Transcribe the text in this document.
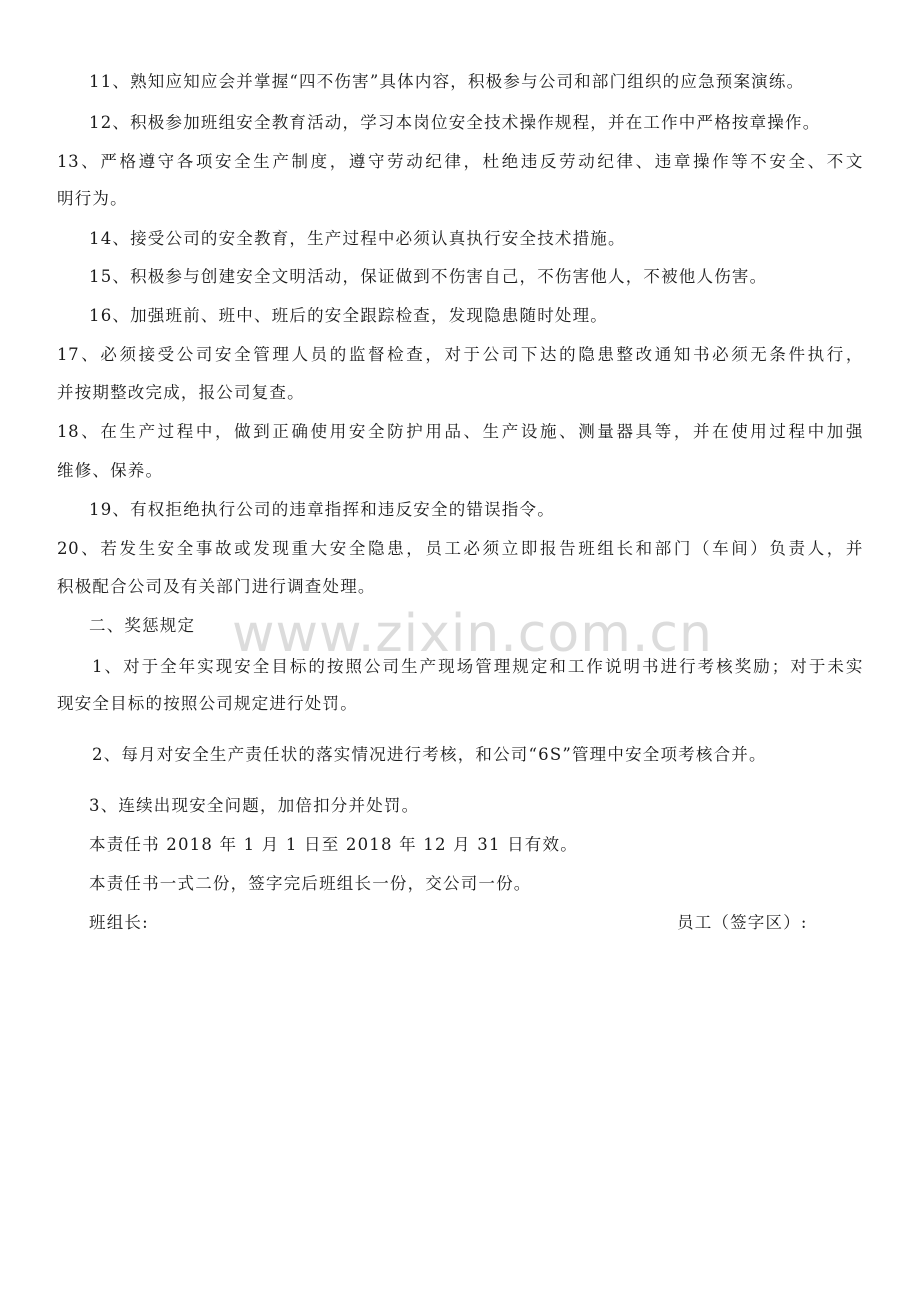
11、熟知应知应会并掌握“四不伤害”具体内容，积极参与公司和部门组织的应急预案演练。
12、积极参加班组安全教育活动，学习本岗位安全技术操作规程，并在工作中严格按章操作。
13、严格遵守各项安全生产制度，遵守劳动纪律，杜绝违反劳动纪律、违章操作等不安全、不文
明行为。
14、接受公司的安全教育，生产过程中必须认真执行安全技术措施。
15、积极参与创建安全文明活动，保证做到不伤害自己，不伤害他人，不被他人伤害。
16、加强班前、班中、班后的安全跟踪检查，发现隐患随时处理。
17、必须接受公司安全管理人员的监督检查，对于公司下达的隐患整改通知书必须无条件执行，
并按期整改完成，报公司复查。
18、在生产过程中，做到正确使用安全防护用品、生产设施、测量器具等，并在使用过程中加强
维修、保养。
19、有权拒绝执行公司的违章指挥和违反安全的错误指令。
20、若发生安全事故或发现重大安全隐患，员工必须立即报告班组长和部门（车间）负责人，并
积极配合公司及有关部门进行调查处理。
www.zixin.com.cn
二、奖惩规定
1、对于全年实现安全目标的按照公司生产现场管理规定和工作说明书进行考核奖励；对于未实
现安全目标的按照公司规定进行处罚。
2、每月对安全生产责任状的落实情况进行考核，和公司“6S”管理中安全项考核合并。
3、连续出现安全问题，加倍扣分并处罚。
本责任书 2018 年 1 月 1 日至 2018 年 12 月 31 日有效。
本责任书一式二份，签字完后班组长一份，交公司一份。
班组长:	员工（签字区）:
